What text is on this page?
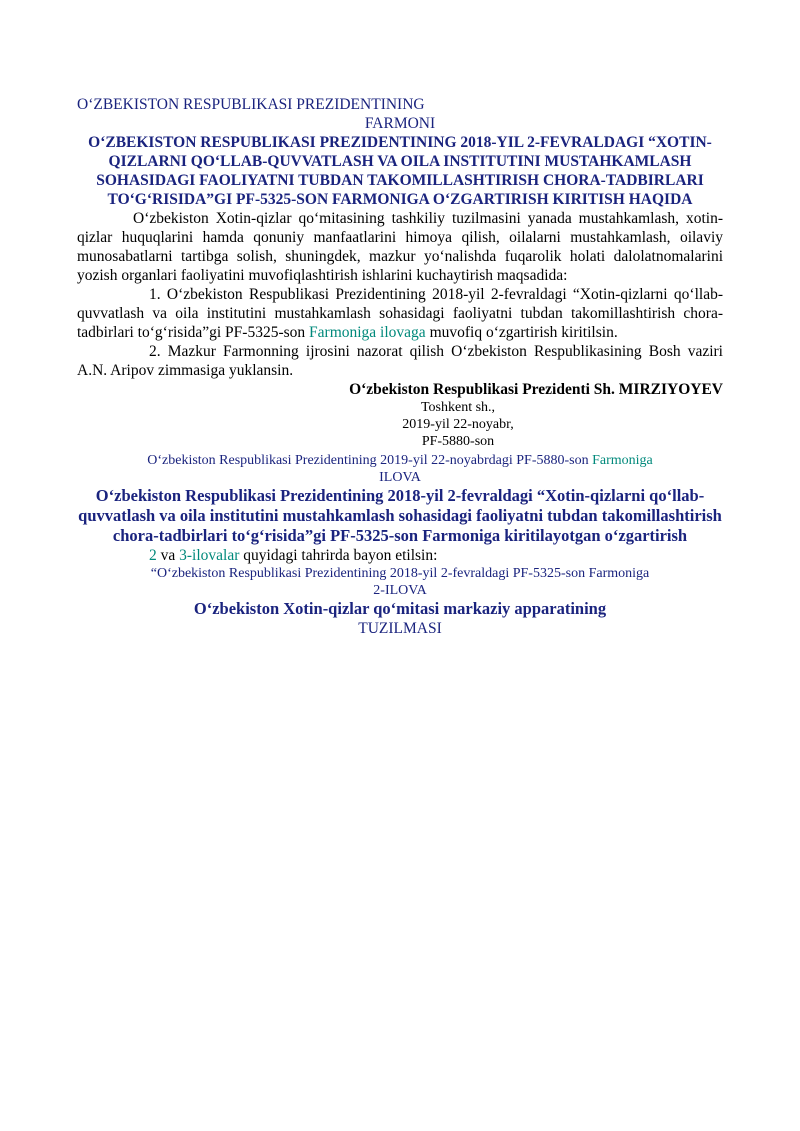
O‘ZBEKISTON RESPUBLIKASI PREZIDENTINING

FARMONI

O‘ZBEKISTON RESPUBLIKASI PREZIDENTINING 2018-YIL 2-FEVRALDAGI “XOTIN-QIZLARNI QO‘LLAB-QUVVATLASH VA OILA INSTITUTINI MUSTAHKAMLASH SOHASIDAGI FAOLIYATNI TUBDAN TAKOMILLASHTIRISH CHORA-TADBIRLARI TO‘G‘RISIDA”GI PF-5325-SON FARMONIGA O‘ZGARTIRISH KIRITISH HAQIDA

O‘zbekiston Xotin-qizlar qo‘mitasining tashkiliy tuzilmasini yanada mustahkamlash, xotin-qizlar huquqlarini hamda qonuniy manfaatlarini himoya qilish, oilalarni mustahkamlash, oilaviy munosabatlarni tartibga solish, shuningdek, mazkur yo‘nalishda fuqarolik holati dalolatnomalarini yozish organlari faoliyatini muvofiqlashtirish ishlarini kuchaytirish maqsadida:

1. O‘zbekiston Respublikasi Prezidentining 2018-yil 2-fevraldagi “Xotin-qizlarni qo‘llab-quvvatlash va oila institutini mustahkamlash sohasidagi faoliyatni tubdan takomillashtirish chora-tadbirlari to‘g‘risida”gi PF-5325-son Farmoniga ilovaga muvofiq o‘zgartirish kiritilsin.

2. Mazkur Farmonning ijrosini nazorat qilish O‘zbekiston Respublikasining Bosh vaziri A.N. Aripov zimmasiga yuklansin.

O‘zbekiston Respublikasi Prezidenti Sh. MIRZIYOYEV

Toshkent sh.,

2019-yil 22-noyabr,

PF-5880-son

O‘zbekiston Respublikasi Prezidentining 2019-yil 22-noyabrdagi PF-5880-son Farmoniga

ILOVA

O‘zbekiston Respublikasi Prezidentining 2018-yil 2-fevraldagi “Xotin-qizlarni qo‘llab-quvvatlash va oila institutini mustahkamlash sohasidagi faoliyatni tubdan takomillashtirish chora-tadbirlari to‘g‘risida”gi PF-5325-son Farmoniga kiritilayotgan o‘zgartirish

2 va 3-ilovalar quyidagi tahrirda bayon etilsin:

“O‘zbekiston Respublikasi Prezidentining 2018-yil 2-fevraldagi PF-5325-son Farmoniga

2-ILOVA

O‘zbekiston Xotin-qizlar qo‘mitasi markaziy apparatining

TUZILMASI
